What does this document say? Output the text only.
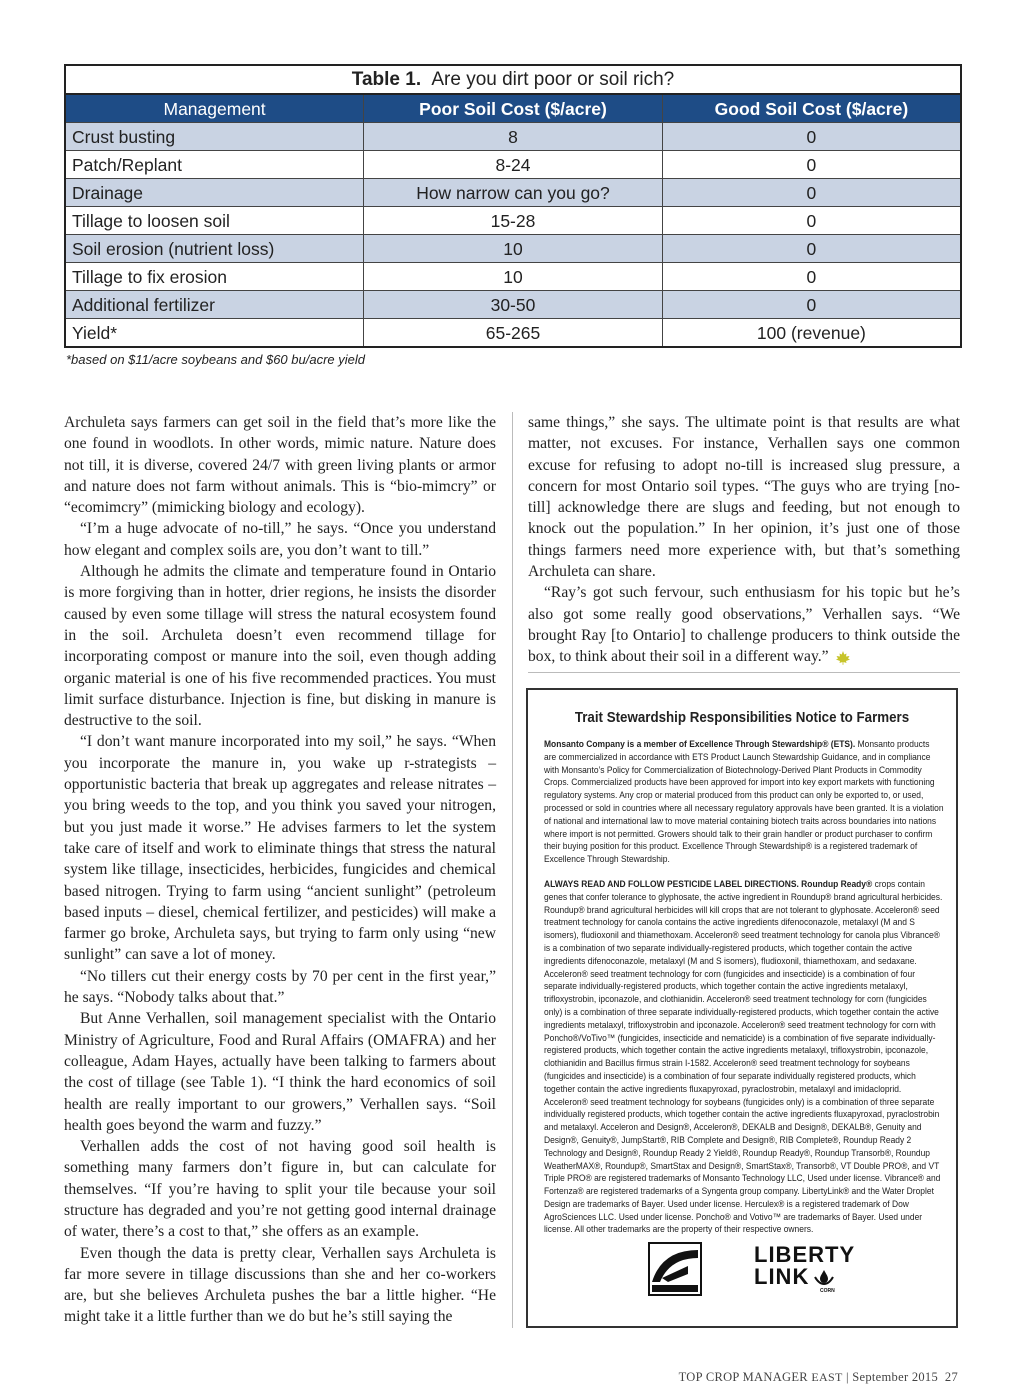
Table 1. Are you dirt poor or soil rich?		
Management	Poor Soil Cost ($/acre)	Good Soil Cost ($/acre)
Crust busting	8	0
Patch/Replant	8-24	0
Drainage	How narrow can you go?	0
Tillage to loosen soil	15-28	0
Soil erosion (nutrient loss)	10	0
Tillage to fix erosion	10	0
Additional fertilizer	30-50	0
Yield*	65-265	100 (revenue)
*based on $11/acre soybeans and $60 bu/acre yield

Archuleta says farmers can get soil in the field that’s more like the one found in woodlots. In other words, mimic nature. Nature does not till, it is diverse, covered 24/7 with green living plants or armor and nature does not farm without animals. This is “bio-mimcry” or “ecomimcry” (mimicking biology and ecology).

“I’m a huge advocate of no-till,” he says. “Once you understand how elegant and complex soils are, you don’t want to till.”

Although he admits the climate and temperature found in Ontario is more forgiving than in hotter, drier regions, he insists the disorder caused by even some tillage will stress the natural ecosystem found in the soil. Archuleta doesn’t even recommend tillage for incorporating compost or manure into the soil, even though adding organic material is one of his five recommended practices. You must limit surface disturbance. Injection is fine, but disking in manure is destructive to the soil.

“I don’t want manure incorporated into my soil,” he says. “When you incorporate the manure in, you wake up r-strategists – opportunistic bacteria that break up aggregates and release nitrates – you bring weeds to the top, and you think you saved your nitrogen, but you just made it worse.” He advises farmers to let the system take care of itself and work to eliminate things that stress the natural system like tillage, insecticides, herbicides, fungicides and chemical based nitrogen. Trying to farm using “ancient sunlight” (petroleum based inputs – diesel, chemical fertilizer, and pesticides) will make a farmer go broke, Archuleta says, but trying to farm only using “new sunlight” can save a lot of money.

“No tillers cut their energy costs by 70 per cent in the first year,” he says. “Nobody talks about that.”

But Anne Verhallen, soil management specialist with the Ontario Ministry of Agriculture, Food and Rural Affairs (OMAFRA) and her colleague, Adam Hayes, actually have been talking to farmers about the cost of tillage (see Table 1). “I think the hard economics of soil health are really important to our growers,” Verhallen says. “Soil health goes beyond the warm and fuzzy.”

Verhallen adds the cost of not having good soil health is something many farmers don’t figure in, but can calculate for themselves. “If you’re having to split your tile because your soil structure has degraded and you’re not getting good internal drainage of water, there’s a cost to that,” she offers as an example.

Even though the data is pretty clear, Verhallen says Archuleta is far more severe in tillage discussions than she and her co-workers are, but she believes Archuleta pushes the bar a little higher. “He might take it a little further than we do but he’s still saying the

same things,” she says. The ultimate point is that results are what matter, not excuses. For instance, Verhallen says one common excuse for refusing to adopt no-till is increased slug pressure, a concern for most Ontario soil types. “The guys who are trying [no-till] acknowledge there are slugs and feeding, but not enough to knock out the population.” In her opinion, it’s just one of those things farmers need more experience with, but that’s something Archuleta can share.

“Ray’s got such fervour, such enthusiasm for his topic but he’s also got some really good observations,” Verhallen says. “We brought Ray [to Ontario] to challenge producers to think outside the box, to think about their soil in a different way.”

Trait Stewardship Responsibilities Notice to Farmers

Monsanto Company is a member of Excellence Through Stewardship® (ETS). Monsanto products are commercialized in accordance with ETS Product Launch Stewardship Guidance, and in compliance with Monsanto’s Policy for Commercialization of Biotechnology-Derived Plant Products in Commodity Crops. Commercialized products have been approved for import into key export markets with functioning regulatory systems. Any crop or material produced from this product can only be exported to, or used, processed or sold in countries where all necessary regulatory approvals have been granted. It is a violation of national and international law to move material containing biotech traits across boundaries into nations where import is not permitted. Growers should talk to their grain handler or product purchaser to confirm their buying position for this product. Excellence Through Stewardship® is a registered trademark of Excellence Through Stewardship.

ALWAYS READ AND FOLLOW PESTICIDE LABEL DIRECTIONS. Roundup Ready® crops contain genes that confer tolerance to glyphosate, the active ingredient in Roundup® brand agricultural herbicides. Roundup® brand agricultural herbicides will kill crops that are not tolerant to glyphosate. Acceleron® seed treatment technology for canola contains the active ingredients difenoconazole, metalaxyl (M and S isomers), fludioxonil and thiamethoxam. Acceleron® seed treatment technology for canola plus Vibrance® is a combination of two separate individually-registered products, which together contain the active ingredients difenoconazole, metalaxyl (M and S isomers), fludioxonil, thiamethoxam, and sedaxane. Acceleron® seed treatment technology for corn (fungicides and insecticide) is a combination of four separate individually-registered products, which together contain the active ingredients metalaxyl, trifloxystrobin, ipconazole, and clothianidin. Acceleron® seed treatment technology for corn (fungicides only) is a combination of three separate individually-registered products, which together contain the active ingredients metalaxyl, trifloxystrobin and ipconazole. Acceleron® seed treatment technology for corn with Poncho®/VoTivo™ (fungicides, insecticide and nematicide) is a combination of five separate individually-registered products, which together contain the active ingredients metalaxyl, trifloxystrobin, ipconazole, clothianidin and Bacillus firmus strain I-1582. Acceleron® seed treatment technology for soybeans (fungicides and insecticide) is a combination of four separate individually registered products, which together contain the active ingredients fluxapyroxad, pyraclostrobin, metalaxyl and imidacloprid. Acceleron® seed treatment technology for soybeans (fungicides only) is a combination of three separate individually registered products, which together contain the active ingredients fluxapyroxad, pyraclostrobin and metalaxyl. Acceleron and Design®, Acceleron®, DEKALB and Design®, DEKALB®, Genuity and Design®, Genuity®, JumpStart®, RIB Complete and Design®, RIB Complete®, Roundup Ready 2 Technology and Design®, Roundup Ready 2 Yield®, Roundup Ready®, Roundup Transorb®, Roundup WeatherMAX®, Roundup®, SmartStax and Design®, SmartStax®, Transorb®, VT Double PRO®, and VT Triple PRO® are registered trademarks of Monsanto Technology LLC, Used under license. Vibrance® and Fortenza® are registered trademarks of a Syngenta group company. LibertyLink® and the Water Droplet Design are trademarks of Bayer. Used under license. Herculex® is a registered trademark of Dow AgroSciences LLC. Used under license. Poncho® and Votivo™ are trademarks of Bayer. Used under license. All other trademarks are the property of their respective owners.

LIBERTY
LINK
CORN
TOP CROP MANAGER EAST | September 2015 27
